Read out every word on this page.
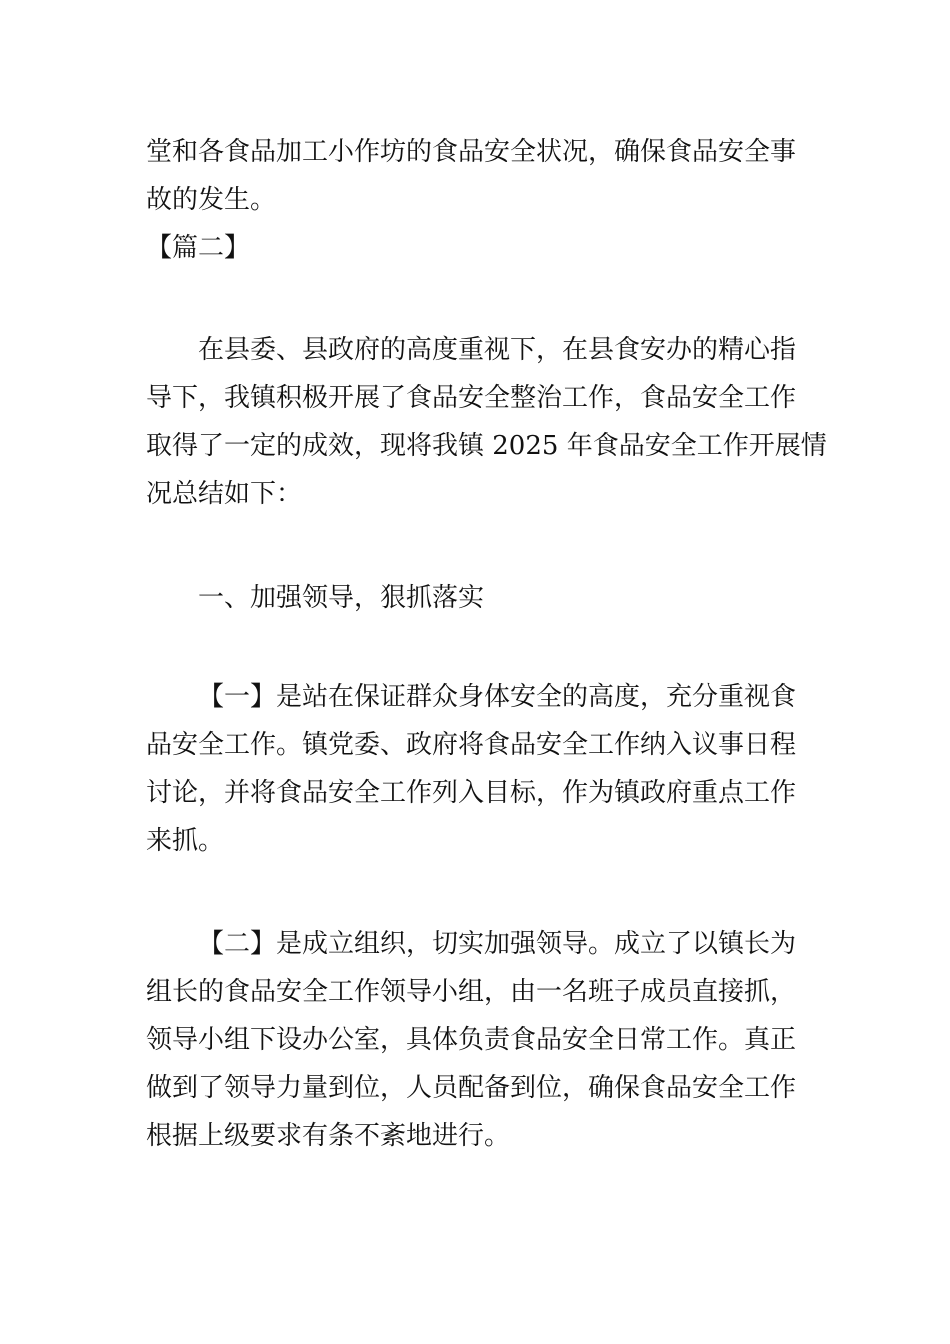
堂和各食品加工小作坊的食品安全状况，确保食品安全事
故的发生。
【篇二】
在县委、县政府的高度重视下，在县食安办的精心指
导下，我镇积极开展了食品安全整治工作，食品安全工作
取得了一定的成效，现将我镇 2025 年食品安全工作开展情
况总结如下：
一、加强领导，狠抓落实
【一】是站在保证群众身体安全的高度，充分重视食
品安全工作。镇党委、政府将食品安全工作纳入议事日程
讨论，并将食品安全工作列入目标，作为镇政府重点工作
来抓。
【二】是成立组织，切实加强领导。成立了以镇长为
组长的食品安全工作领导小组，由一名班子成员直接抓，
领导小组下设办公室，具体负责食品安全日常工作。真正
做到了领导力量到位，人员配备到位，确保食品安全工作
根据上级要求有条不紊地进行。
